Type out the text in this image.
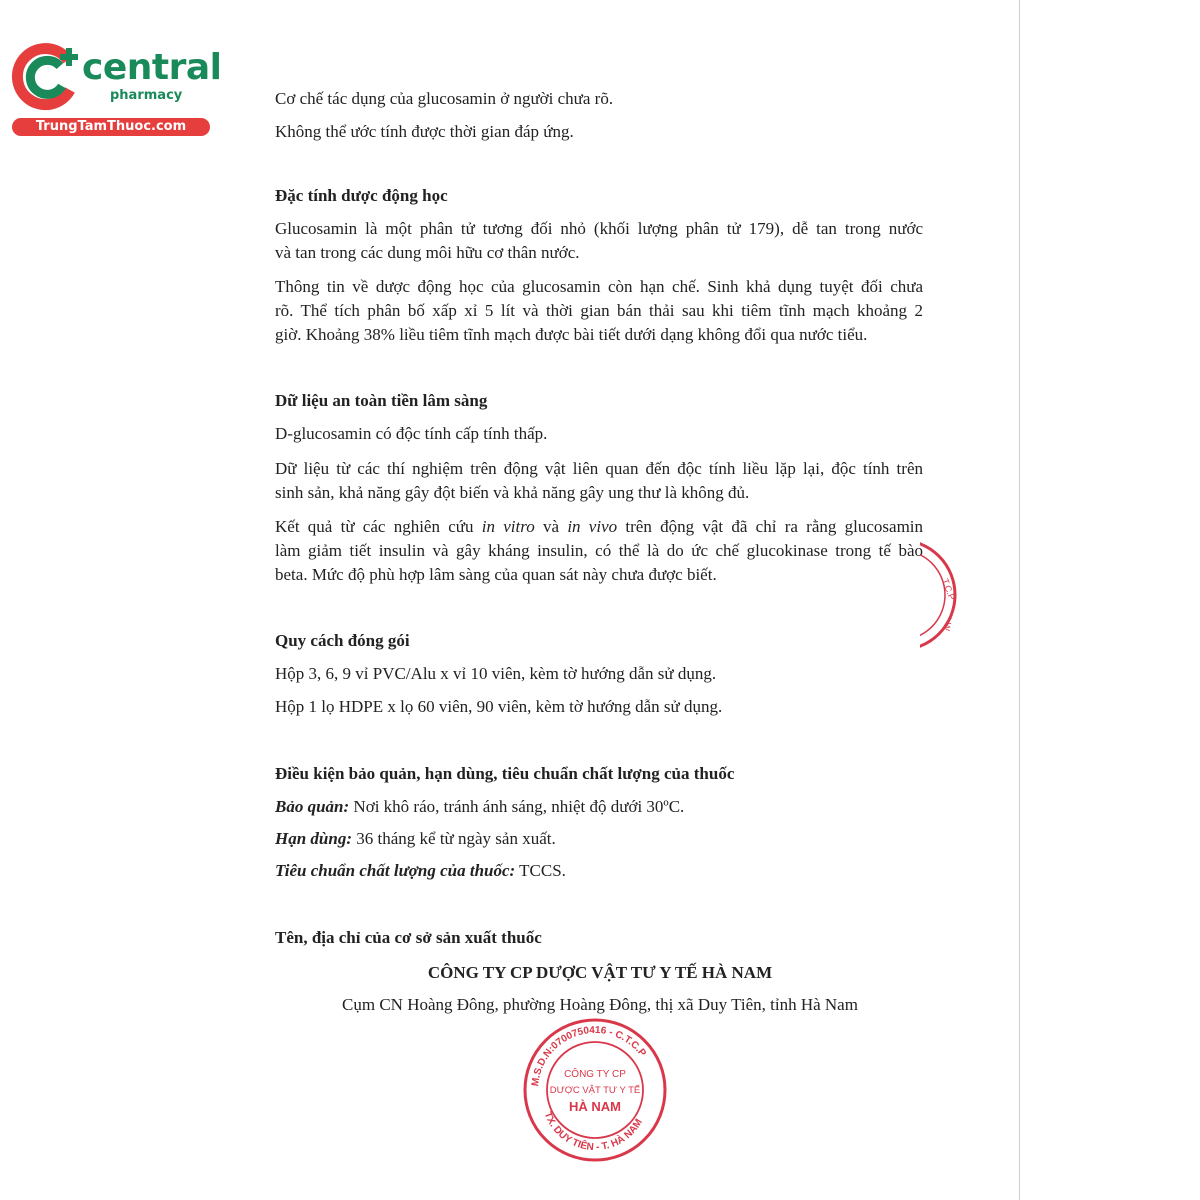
central
pharmacy
TrungTamThuoc.com
Cơ chế tác dụng của glucosamin ở người chưa rõ.
Không thể ước tính được thời gian đáp ứng.
Đặc tính dược động học
Glucosamin là một phân tử tương đối nhỏ (khối lượng phân tử 179), dễ tan trong nước
và tan trong các dung môi hữu cơ thân nước.
Thông tin về dược động học của glucosamin còn hạn chế. Sinh khả dụng tuyệt đối chưa
rõ. Thể tích phân bố xấp xỉ 5 lít và thời gian bán thải sau khi tiêm tĩnh mạch khoảng 2
giờ. Khoảng 38% liều tiêm tĩnh mạch được bài tiết dưới dạng không đổi qua nước tiểu.
Dữ liệu an toàn tiền lâm sàng
D-glucosamin có độc tính cấp tính thấp.
Dữ liệu từ các thí nghiệm trên động vật liên quan đến độc tính liều lặp lại, độc tính trên
sinh sản, khả năng gây đột biến và khả năng gây ung thư là không đủ.
Kết quả từ các nghiên cứu in vitro và in vivo trên động vật đã chỉ ra rằng glucosamin
làm giảm tiết insulin và gây kháng insulin, có thể là do ức chế glucokinase trong tế bào
beta. Mức độ phù hợp lâm sàng của quan sát này chưa được biết.
Quy cách đóng gói
Hộp 3, 6, 9 vỉ PVC/Alu x vỉ 10 viên, kèm tờ hướng dẫn sử dụng.
Hộp 1 lọ HDPE x lọ 60 viên, 90 viên, kèm tờ hướng dẫn sử dụng.
Điều kiện bảo quản, hạn dùng, tiêu chuẩn chất lượng của thuốc
Bảo quản: Nơi khô ráo, tránh ánh sáng, nhiệt độ dưới 30ºC.
Hạn dùng: 36 tháng kể từ ngày sản xuất.
Tiêu chuẩn chất lượng của thuốc: TCCS.
Tên, địa chỉ của cơ sở sản xuất thuốc
CÔNG TY CP DƯỢC VẬT TƯ Y TẾ HÀ NAM
Cụm CN Hoàng Đông, phường Hoàng Đông, thị xã Duy Tiên, tỉnh Hà Nam
T.C.P
* W
M.S.D.N:0700750416 - C.T.C.P
TX. DUY TIÊN - T. HÀ NAM
CÔNG TY CP
DƯỢC VẬT TƯ Y TẾ
HÀ NAM
